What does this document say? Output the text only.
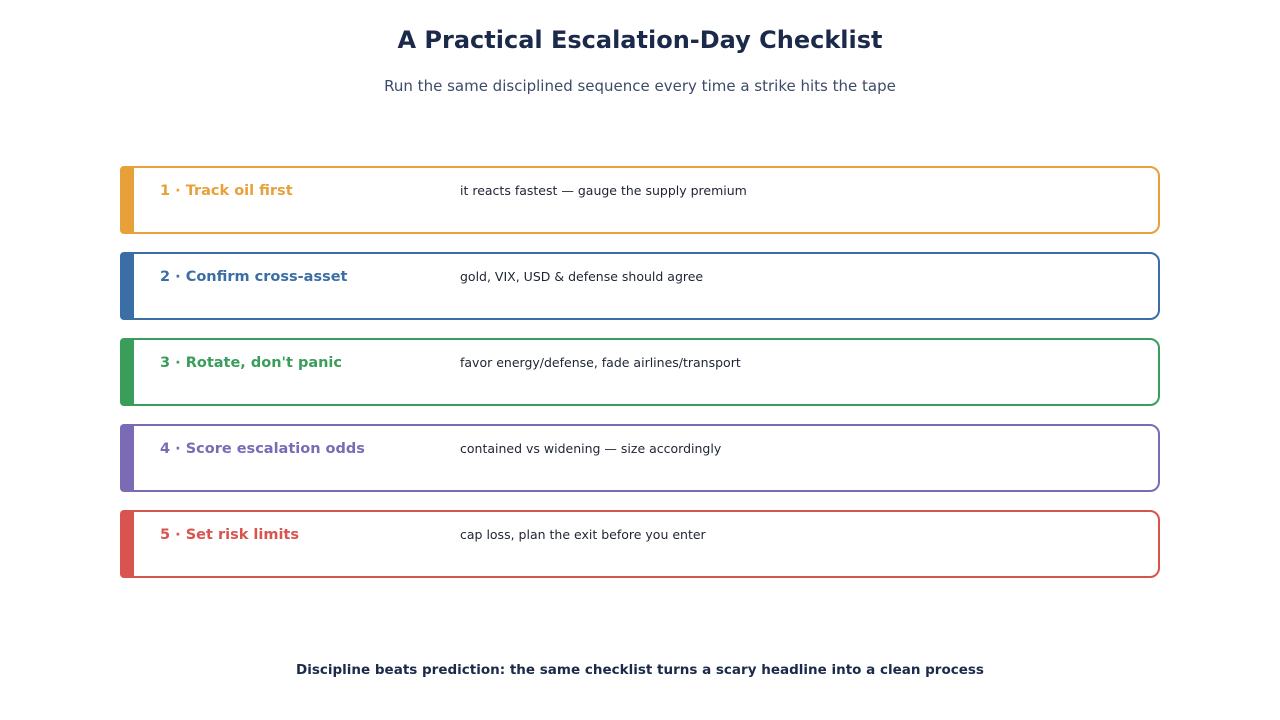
A Practical Escalation-Day Checklist
Run the same disciplined sequence every time a strike hits the tape
1 · Track oil first	it reacts fastest — gauge the supply premium
2 · Confirm cross-asset	gold, VIX, USD & defense should agree
3 · Rotate, don't panic	favor energy/defense, fade airlines/transport
4 · Score escalation odds	contained vs widening — size accordingly
5 · Set risk limits	cap loss, plan the exit before you enter
Discipline beats prediction: the same checklist turns a scary headline into a clean process
